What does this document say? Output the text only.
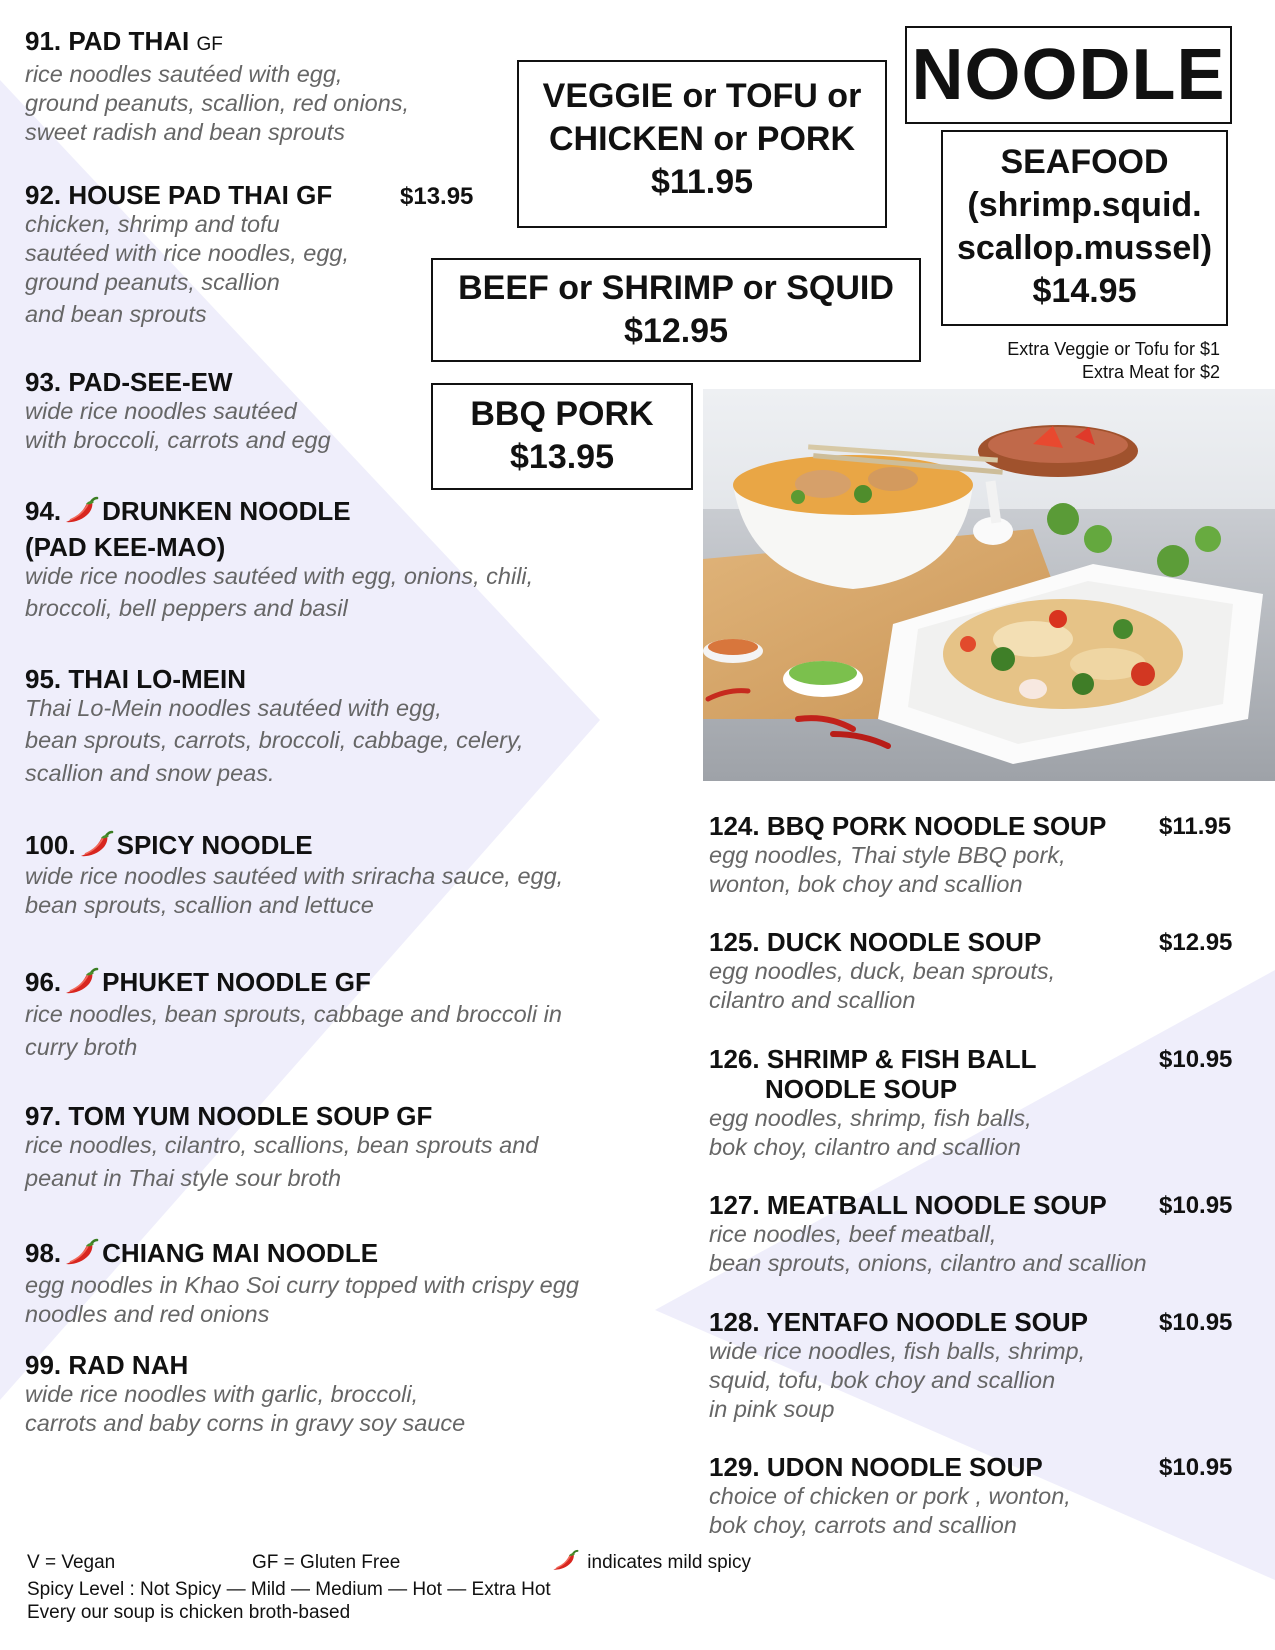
91. PAD THAI GF
rice noodles sautéed with egg,
ground peanuts, scallion, red onions,
sweet radish and bean sprouts
92. HOUSE PAD THAI GF
chicken, shrimp and tofu
sautéed with rice noodles, egg,
ground peanuts, scallion
and bean sprouts
$13.95
93. PAD-SEE-EW
wide rice noodles sautéed
with broccoli, carrots and egg
94. DRUNKEN NOODLE
(PAD KEE-MAO)
wide rice noodles sautéed with egg, onions, chili,
broccoli, bell peppers and basil
95. THAI LO-MEIN
Thai Lo-Mein noodles sautéed with egg,
bean sprouts, carrots, broccoli, cabbage, celery,
scallion and snow peas.
100. SPICY NOODLE
wide rice noodles sautéed with sriracha sauce, egg,
bean sprouts, scallion and lettuce
96. PHUKET NOODLE GF
rice noodles, bean sprouts, cabbage and broccoli in
curry broth
97. TOM YUM NOODLE SOUP GF
rice noodles, cilantro, scallions, bean sprouts and
peanut in Thai style sour broth
98. CHIANG MAI NOODLE
egg noodles in Khao Soi curry topped with crispy egg
noodles and red onions
99. RAD NAH
wide rice noodles with garlic, broccoli,
carrots and baby corns in gravy soy sauce
VEGGIE or TOFU or
CHICKEN or PORK
$11.95
NOODLE
SEAFOOD
(shrimp.squid.
scallop.mussel)
$14.95
BEEF or SHRIMP or SQUID
$12.95	Extra Veggie or Tofu for $1
Extra Meat for $2
BBQ PORK
$13.95
124. BBQ PORK NOODLE SOUP
egg noodles, Thai style BBQ pork,
wonton, bok choy and scallion
$11.95
125. DUCK NOODLE SOUP
egg noodles, duck, bean sprouts,
cilantro and scallion
$12.95
126. SHRIMP & FISH BALL
NOODLE SOUP
egg noodles, shrimp, fish balls,
bok choy, cilantro and scallion
$10.95
127. MEATBALL NOODLE SOUP
rice noodles, beef meatball,
bean sprouts, onions, cilantro and scallion
$10.95
128. YENTAFO NOODLE SOUP
wide rice noodles, fish balls, shrimp,
squid, tofu, bok choy and scallion
in pink soup
$10.95
129. UDON NOODLE SOUP
choice of chicken or pork , wonton,
bok choy, carrots and scallion
$10.95
V = Vegan	GF = Gluten Free	indicates mild spicy
Spicy Level : Not Spicy — Mild — Medium — Hot — Extra Hot
Every our soup is chicken broth-based
